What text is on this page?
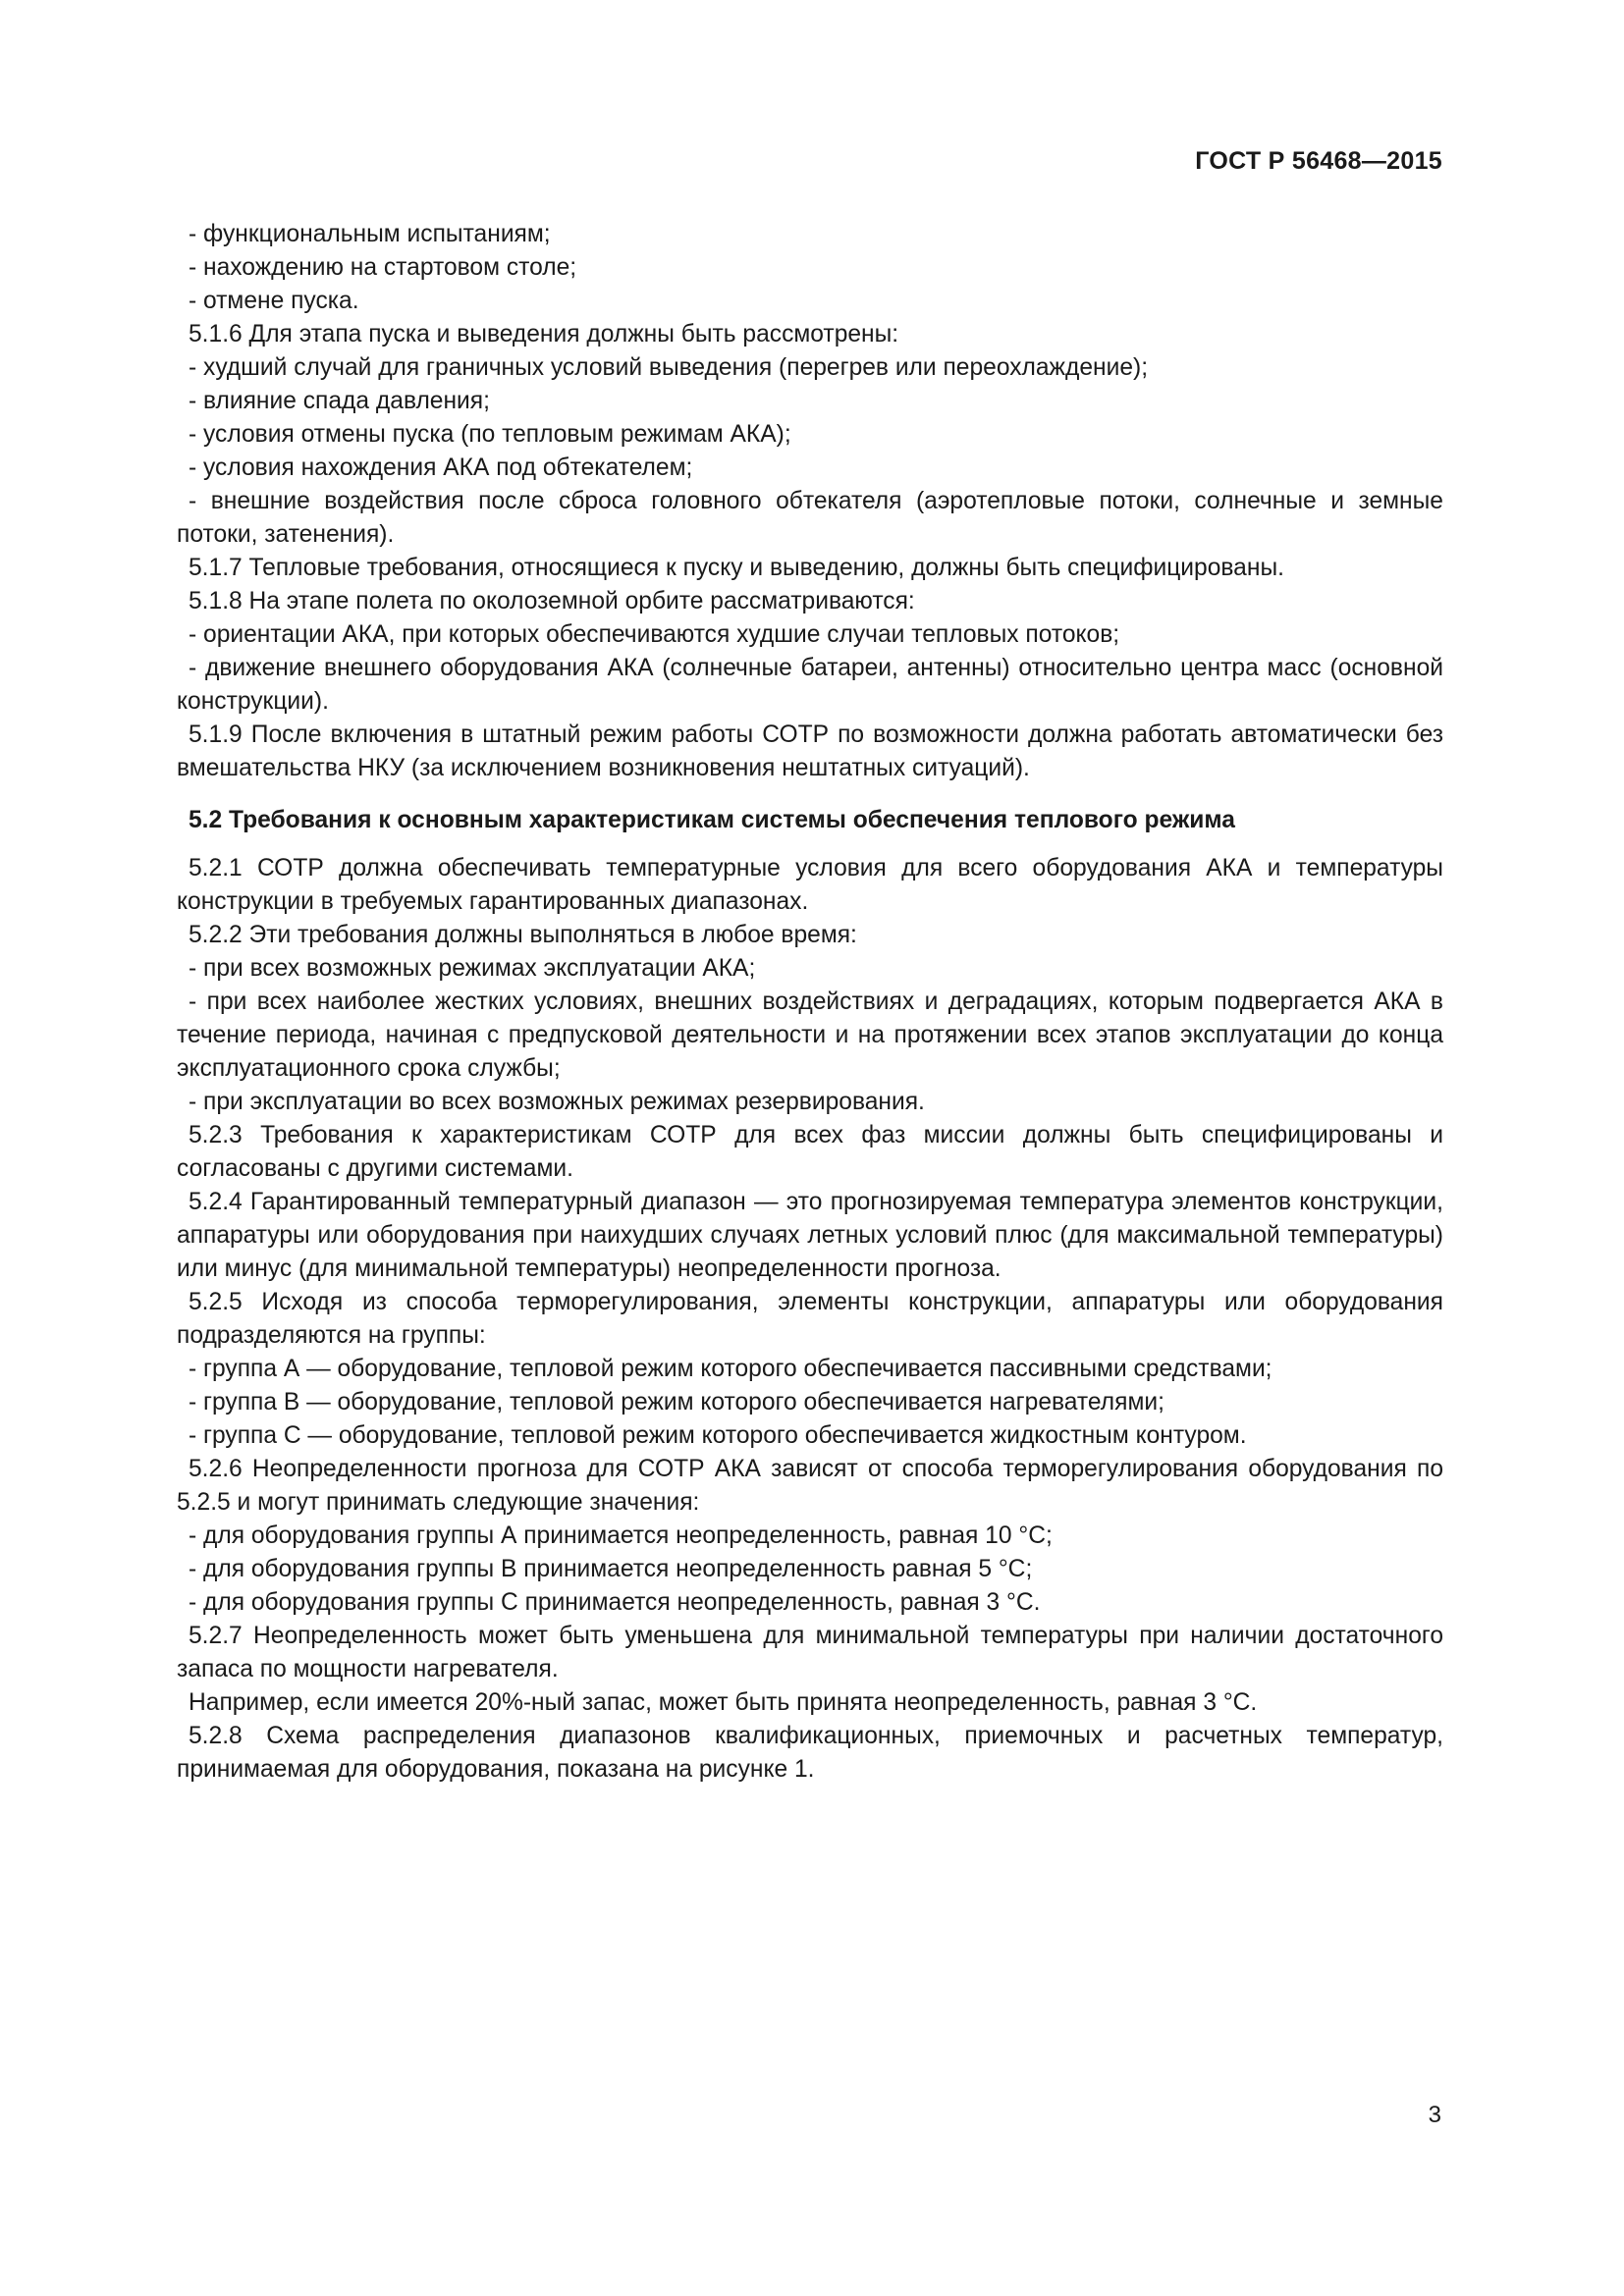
ГОСТ Р 56468—2015

- функциональным испытаниям;

- нахождению на стартовом столе;

- отмене пуска.

5.1.6 Для этапа пуска и выведения должны быть рассмотрены:

- худший случай для граничных условий выведения (перегрев или переохлаждение);

- влияние спада давления;

- условия отмены пуска (по тепловым режимам АКА);

- условия нахождения АКА под обтекателем;

- внешние воздействия после сброса головного обтекателя (аэротепловые потоки, солнечные и земные потоки, затенения).

5.1.7 Тепловые требования, относящиеся к пуску и выведению, должны быть специфицированы.

5.1.8 На этапе полета по околоземной орбите рассматриваются:

- ориентации АКА, при которых обеспечиваются худшие случаи тепловых потоков;

- движение внешнего оборудования АКА (солнечные батареи, антенны) относительно центра масс (основной конструкции).

5.1.9 После включения в штатный режим работы СОТР по возможности должна работать автоматически без вмешательства НКУ (за исключением возникновения нештатных ситуаций).

5.2 Требования к основным характеристикам системы обеспечения теплового режима

5.2.1 СОТР должна обеспечивать температурные условия для всего оборудования АКА и температуры конструкции в требуемых гарантированных диапазонах.

5.2.2 Эти требования должны выполняться в любое время:

- при всех возможных режимах эксплуатации АКА;

- при всех наиболее жестких условиях, внешних воздействиях и деградациях, которым подвергается АКА в течение периода, начиная с предпусковой деятельности и на протяжении всех этапов эксплуатации до конца эксплуатационного срока службы;

- при эксплуатации во всех возможных режимах резервирования.

5.2.3 Требования к характеристикам СОТР для всех фаз миссии должны быть специфицированы и согласованы с другими системами.

5.2.4 Гарантированный температурный диапазон — это прогнозируемая температура элементов конструкции, аппаратуры или оборудования при наихудших случаях летных условий плюс (для максимальной температуры) или минус (для минимальной температуры) неопределенности прогноза.

5.2.5 Исходя из способа терморегулирования, элементы конструкции, аппаратуры или оборудования подразделяются на группы:

- группа А — оборудование, тепловой режим которого обеспечивается пассивными средствами;

- группа В — оборудование, тепловой режим которого обеспечивается нагревателями;

- группа С — оборудование, тепловой режим которого обеспечивается жидкостным контуром.

5.2.6 Неопределенности прогноза для СОТР АКА зависят от способа терморегулирования оборудования по 5.2.5 и могут принимать следующие значения:

- для оборудования группы А принимается неопределенность, равная 10 °С;

- для оборудования группы В принимается неопределенность равная 5 °С;

- для оборудования группы С принимается неопределенность, равная 3 °С.

5.2.7 Неопределенность может быть уменьшена для минимальной температуры при наличии достаточного запаса по мощности нагревателя.

Например, если имеется 20%-ный запас, может быть принята неопределенность, равная 3 °С.

5.2.8 Схема распределения диапазонов квалификационных, приемочных и расчетных температур, принимаемая для оборудования, показана на рисунке 1.

3
